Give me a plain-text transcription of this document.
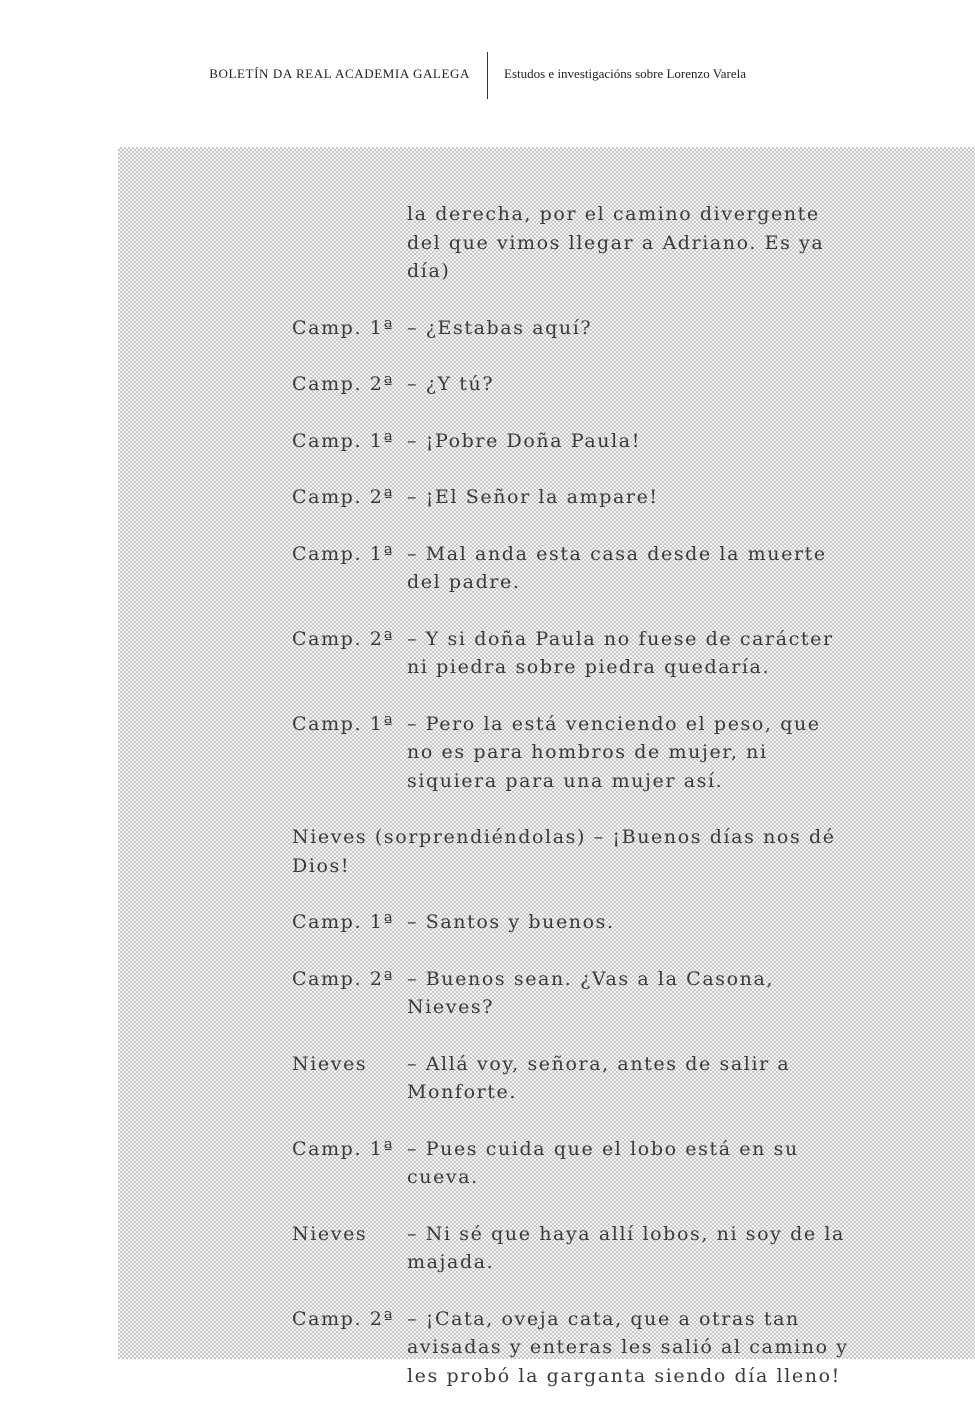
BOLETÍN DA REAL ACADEMIA GALEGA	Estudos e investigacións sobre Lorenzo Varela
la derecha, por el camino divergente del que vimos llegar a Adriano. Es ya día)
Camp. 1ª – ¿Estabas aquí?
Camp. 2ª – ¿Y tú?
Camp. 1ª – ¡Pobre Doña Paula!
Camp. 2ª – ¡El Señor la ampare!
Camp. 1ª – Mal anda esta casa desde la muerte del padre.
Camp. 2ª – Y si doña Paula no fuese de carácter ni piedra sobre piedra quedaría.
Camp. 1ª – Pero la está venciendo el peso, que no es para hombros de mujer, ni siquiera para una mujer así.
Nieves (sorprendiéndolas) – ¡Buenos días nos dé Dios!
Camp. 1ª – Santos y buenos.
Camp. 2ª – Buenos sean. ¿Vas a la Casona, Nieves?
Nieves	– Allá voy, señora, antes de salir a Monforte.
Camp. 1ª – Pues cuida que el lobo está en su cueva.
Nieves	– Ni sé que haya allí lobos, ni soy de la majada.
Camp. 2ª – ¡Cata, oveja cata, que a otras tan avisadas y enteras les salió al camino y les probó la garganta siendo día lleno!
